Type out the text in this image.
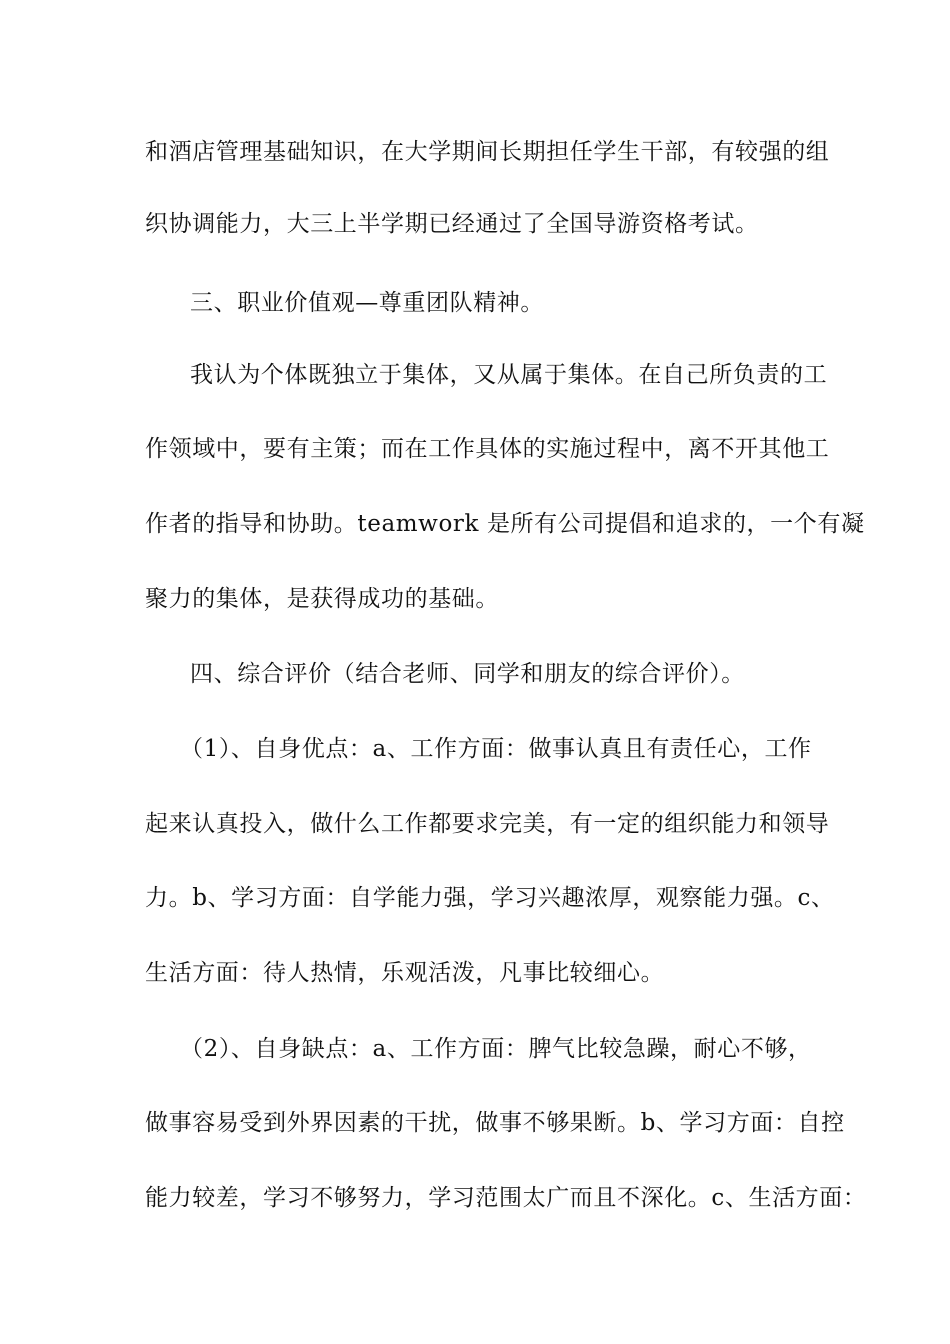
和酒店管理基础知识，在大学期间长期担任学生干部，有较强的组
织协调能力，大三上半学期已经通过了全国导游资格考试。
三、职业价值观—尊重团队精神。
我认为个体既独立于集体，又从属于集体。在自己所负责的工
作领域中，要有主策；而在工作具体的实施过程中，离不开其他工
作者的指导和协助。teamwork 是所有公司提倡和追求的，一个有凝
聚力的集体，是获得成功的基础。
四、综合评价（结合老师、同学和朋友的综合评价）。
（1）、自身优点：a、工作方面：做事认真且有责任心，工作
起来认真投入，做什么工作都要求完美，有一定的组织能力和领导
力。b、学习方面：自学能力强，学习兴趣浓厚，观察能力强。c、
生活方面：待人热情，乐观活泼，凡事比较细心。
（2）、自身缺点：a、工作方面：脾气比较急躁，耐心不够，
做事容易受到外界因素的干扰，做事不够果断。b、学习方面：自控
能力较差，学习不够努力，学习范围太广而且不深化。c、生活方面：
